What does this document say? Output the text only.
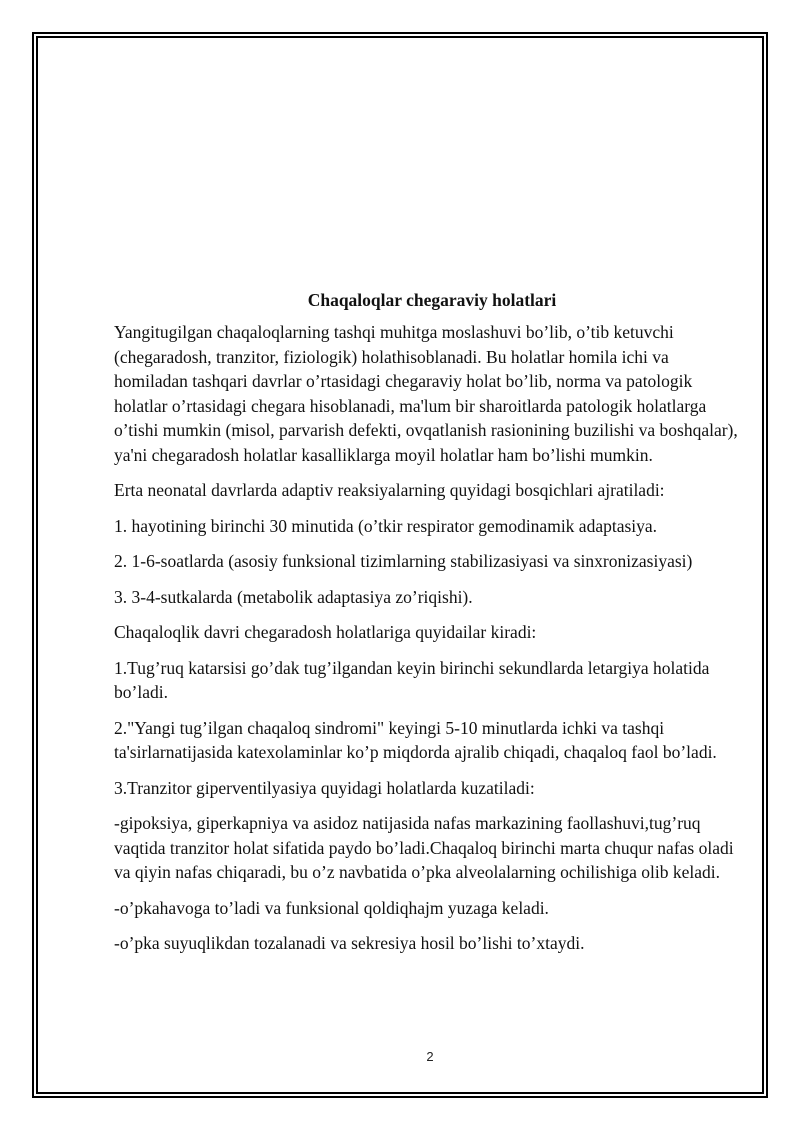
Chaqaloqlar chegaraviy holatlari

Yangitugilgan chaqaloqlarning tashqi muhitga moslashuvi bo’lib, o’tib ketuvchi (chegaradosh, tranzitor, fiziologik) holathisoblanadi. Bu holatlar homila ichi va homiladan tashqari davrlar o’rtasidagi chegaraviy holat bo’lib, norma va patologik holatlar o’rtasidagi chegara hisoblanadi, ma'lum bir sharoitlarda patologik holatlarga o’tishi mumkin (misol, parvarish defekti, ovqatlanish rasionining buzilishi va boshqalar), ya'ni chegaradosh holatlar kasalliklarga moyil holatlar ham bo’lishi mumkin.

Erta neonatal davrlarda adaptiv reaksiyalarning quyidagi bosqichlari ajratiladi:

1. hayotining birinchi 30 minutida (o’tkir respirator gemodinamik adaptasiya.

2. 1-6-soatlarda (asosiy funksional tizimlarning stabilizasiyasi va sinxronizasiyasi)

3. 3-4-sutkalarda (metabolik adaptasiya zo’riqishi).

Chaqaloqlik davri chegaradosh holatlariga quyidailar kiradi:

1.Tug’ruq katarsisi go’dak tug’ilgandan keyin birinchi sekundlarda letargiya holatida bo’ladi.

2."Yangi tug’ilgan chaqaloq sindromi" keyingi 5-10 minutlarda ichki va tashqi ta'sirlarnatijasida katexolaminlar ko’p miqdorda ajralib chiqadi, chaqaloq faol bo’ladi.

3.Tranzitor giperventilyasiya quyidagi holatlarda kuzatiladi:

-gipoksiya, giperkapniya va asidoz natijasida nafas markazining faollashuvi,tug’ruq vaqtida tranzitor holat sifatida paydo bo’ladi.Chaqaloq birinchi marta chuqur nafas oladi va qiyin nafas chiqaradi, bu o’z navbatida o’pka alveolalarning ochilishiga olib keladi.

-o’pkahavoga to’ladi va funksional qoldiqhajm yuzaga keladi.

-o’pka suyuqlikdan tozalanadi va sekresiya hosil bo’lishi to’xtaydi.

2
